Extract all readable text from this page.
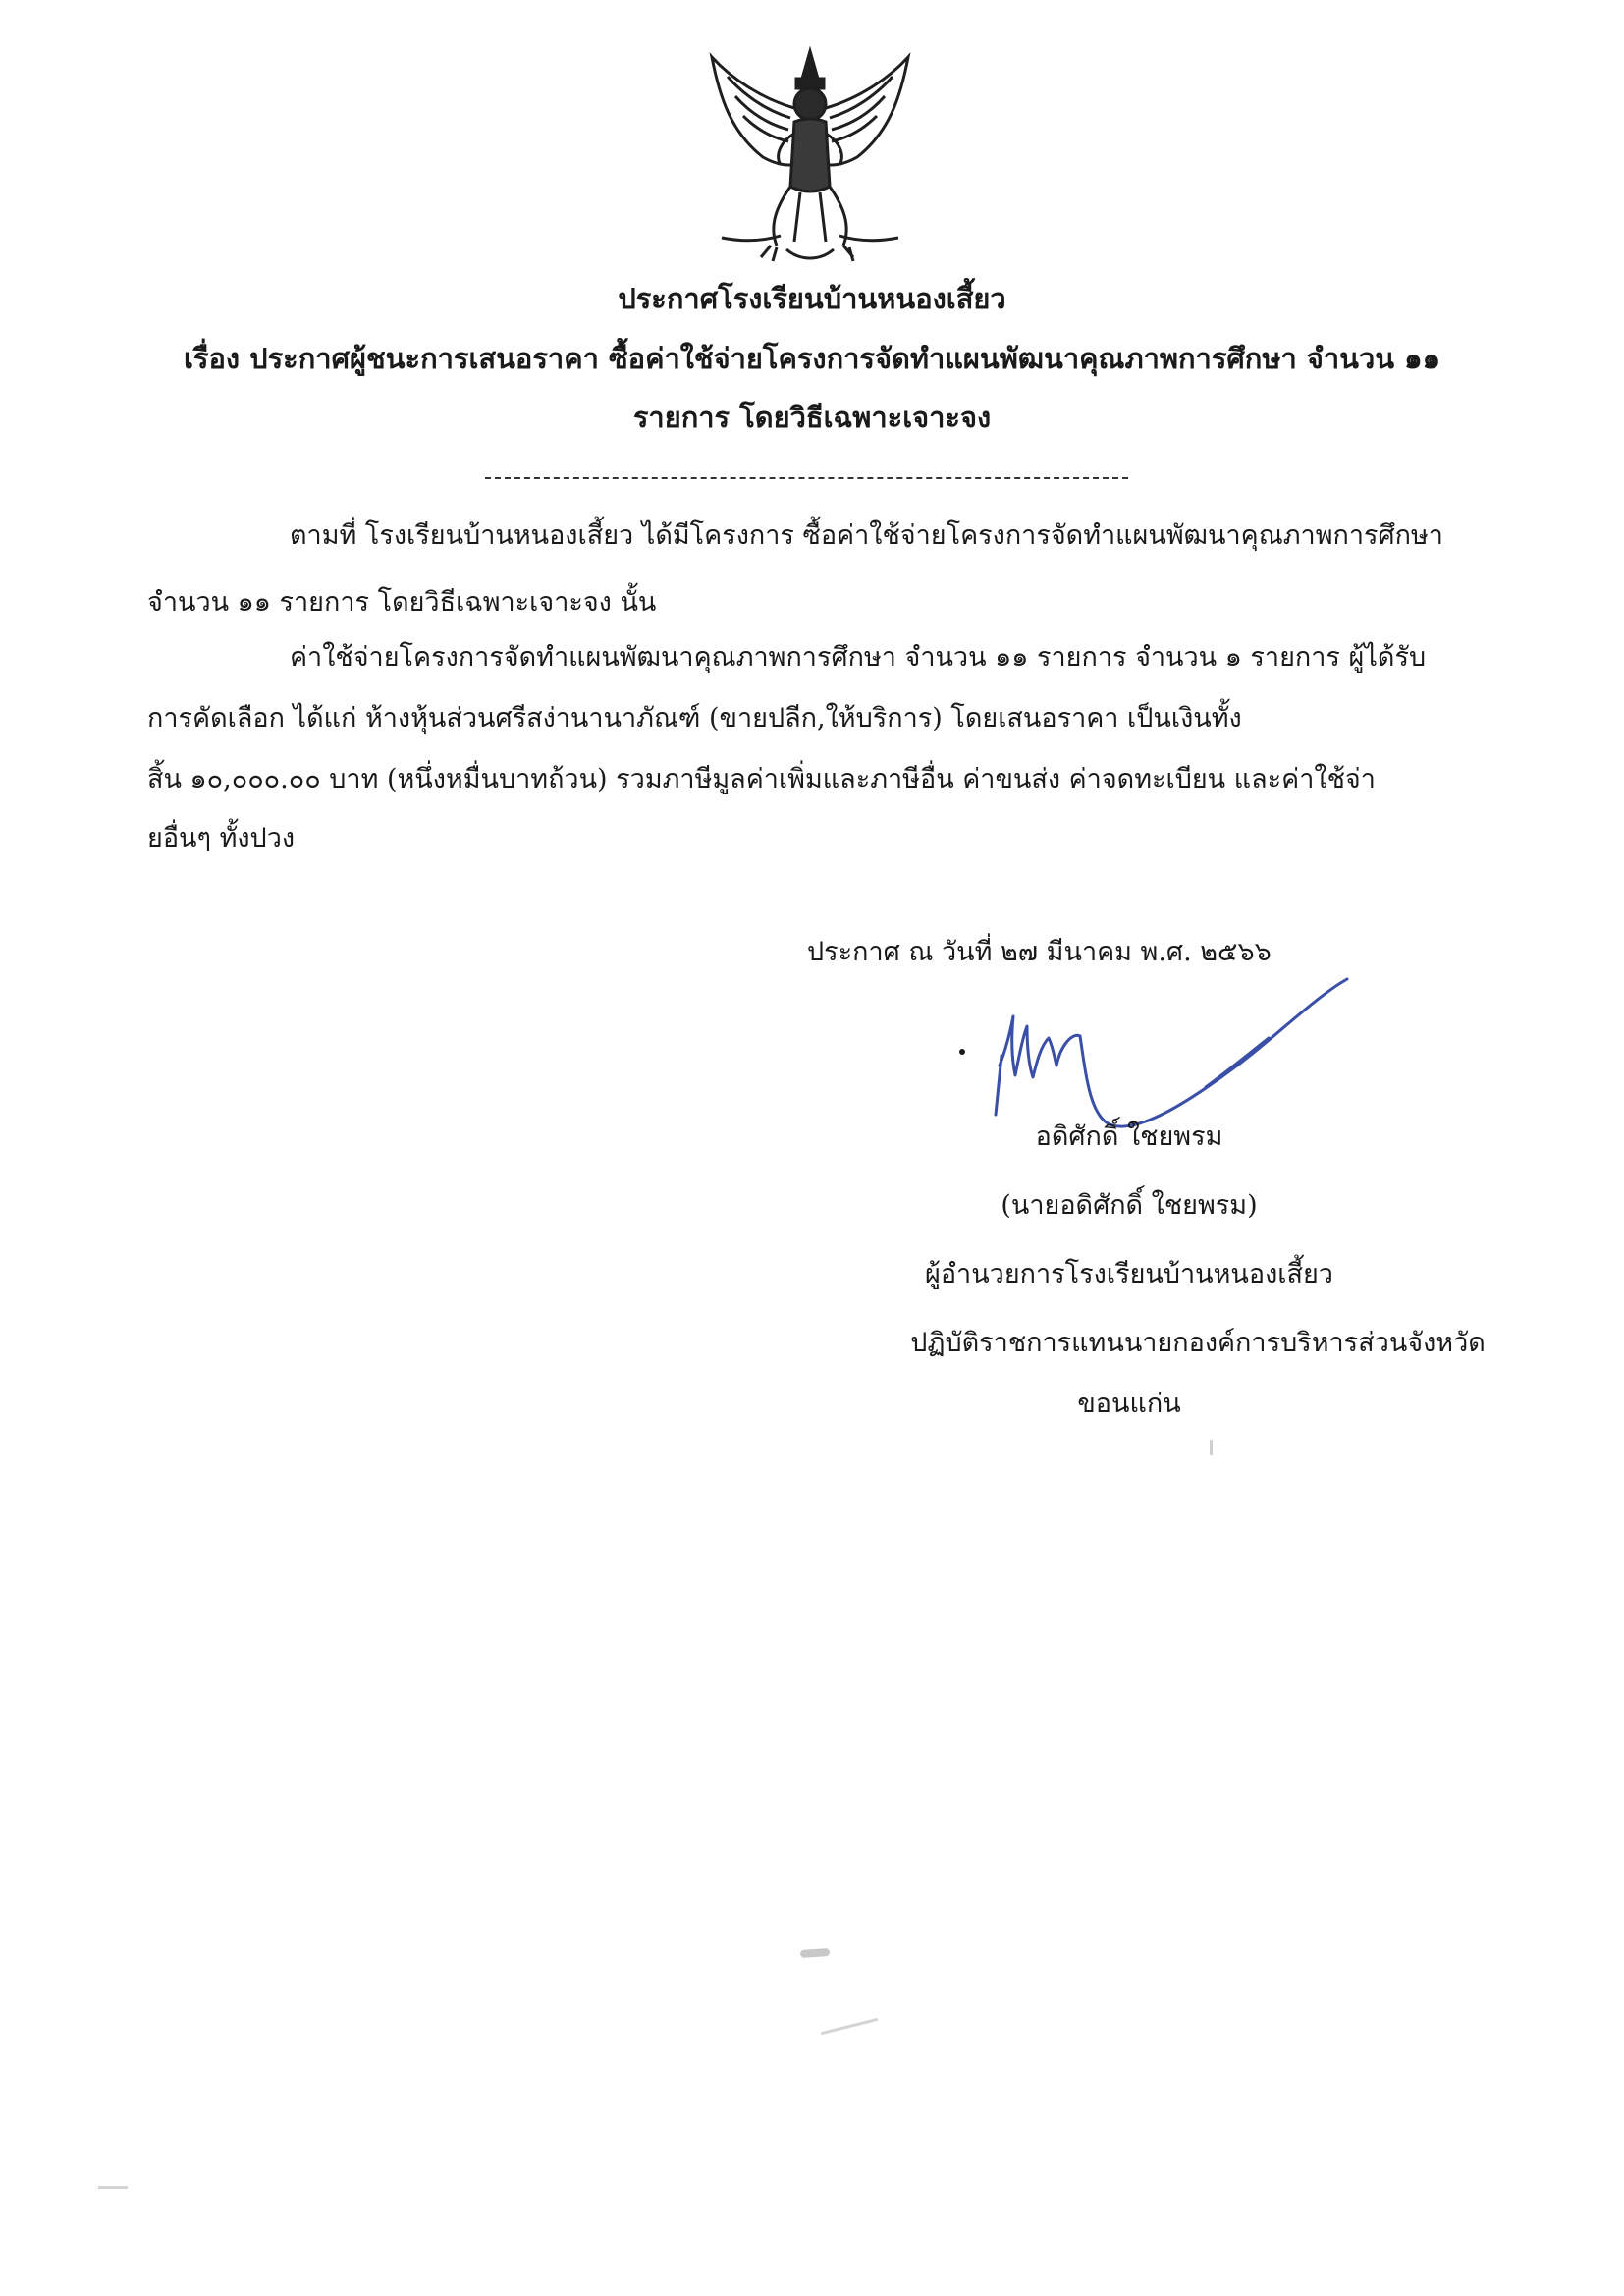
ประกาศโรงเรียนบ้านหนองเสี้ยว
เรื่อง ประกาศผู้ชนะการเสนอราคา ซื้อค่าใช้จ่ายโครงการจัดทำแผนพัฒนาคุณภาพการศึกษา จำนวน ๑๑
รายการ โดยวิธีเฉพาะเจาะจง
ตามที่ โรงเรียนบ้านหนองเสี้ยว ได้มีโครงการ ซื้อค่าใช้จ่ายโครงการจัดทำแผนพัฒนาคุณภาพการศึกษา
จำนวน ๑๑ รายการ โดยวิธีเฉพาะเจาะจง นั้น
ค่าใช้จ่ายโครงการจัดทำแผนพัฒนาคุณภาพการศึกษา จำนวน ๑๑ รายการ จำนวน ๑ รายการ ผู้ได้รับ
การคัดเลือก ได้แก่ ห้างหุ้นส่วนศรีสง่านานาภัณฑ์ (ขายปลีก,ให้บริการ) โดยเสนอราคา เป็นเงินทั้ง
สิ้น ๑๐,๐๐๐.๐๐ บาท (หนึ่งหมื่นบาทถ้วน) รวมภาษีมูลค่าเพิ่มและภาษีอื่น ค่าขนส่ง ค่าจดทะเบียน และค่าใช้จ่า
ยอื่นๆ ทั้งปวง
ประกาศ ณ วันที่ ๒๗ มีนาคม พ.ศ. ๒๕๖๖
อดิศักดิ์ ใชยพรม
(นายอดิศักดิ์ ใชยพรม)
ผู้อำนวยการโรงเรียนบ้านหนองเสี้ยว
ปฏิบัติราชการแทนนายกองค์การบริหารส่วนจังหวัด
ขอนแก่น
